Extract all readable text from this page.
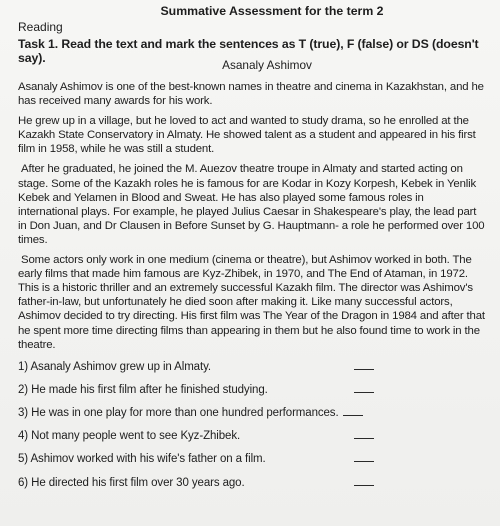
Summative Assessment for the term 2
Reading
Task 1. Read the text and mark the sentences as T (true), F (false) or DS (doesn't say).	Asanaly Ashimov

Asanaly Ashimov is one of the best-known names in theatre and cinema in Kazakhstan, and he has received many awards for his work.

He grew up in a village, but he loved to act and wanted to study drama, so he enrolled at the Kazakh State Conservatory in Almaty. He showed talent as a student and appeared in his first film in 1958, while he was still a student.

After he graduated, he joined the M. Auezov theatre troupe in Almaty and started acting on stage. Some of the Kazakh roles he is famous for are Kodar in Kozy Korpesh, Kebek in Yenlik Kebek and Yelamen in Blood and Sweat. He has also played some famous roles in international plays. For example, he played Julius Caesar in Shakespeare's play, the lead part in Don Juan, and Dr Clausen in Before Sunset by G. Hauptmann- a role he performed over 100 times.

Some actors only work in one medium (cinema or theatre), but Ashimov worked in both. The early films that made him famous are Kyz-Zhibek, in 1970, and The End of Ataman, in 1972. This is a historic thriller and an extremely successful Kazakh film. The director was Ashimov's father-in-law, but unfortunately he died soon after making it. Like many successful actors, Ashimov decided to try directing. His first film was The Year of the Dragon in 1984 and after that he spent more time directing films than appearing in them but he also found time to work in the theatre.

1) Asanaly Ashimov grew up in Almaty.
2) He made his first film after he finished studying.
3) He was in one play for more than one hundred performances.
4) Not many people went to see Kyz-Zhibek.
5) Ashimov worked with his wife's father on a film.
6) He directed his first film over 30 years ago.
